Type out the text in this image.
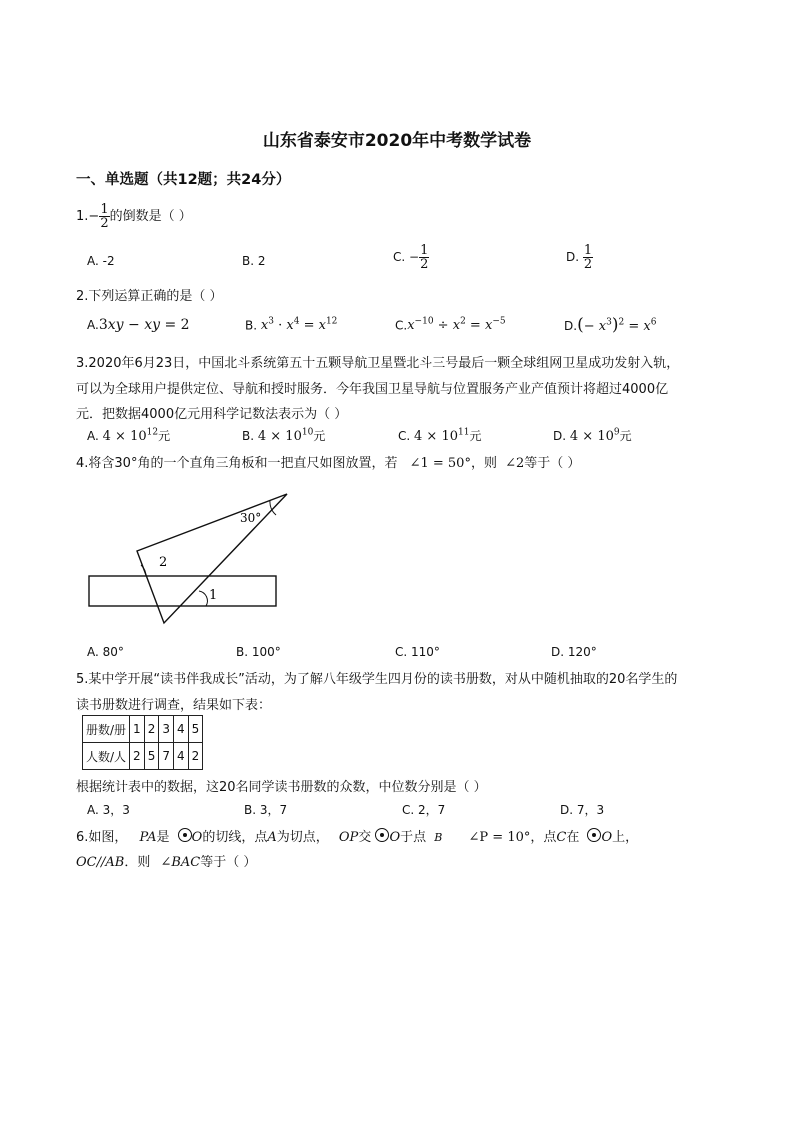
山东省泰安市2020年中考数学试卷
一、单选题（共12题；共24分）
$1.- \frac{1}{2}$ 的倒数是（ ）
A. -2	B. 2	C. − $\frac{1}{2}$	D. $\frac{1}{2}$
2.下列运算正确的是（ ）
A.3xy − xy = 2	B. $x^3 \cdot x^4 = x^{12}$	$C.x^{-10} \div x^2 = x^{-5}$	$D.(- x^3)^2 = x^6$
3.2020年6月23日，中国北斗系统第五十五颗导航卫星暨北斗三号最后一颗全球组网卫星成功发射入轨，
可以为全球用户提供定位、导航和授时服务．今年我国卫星导航与位置服务产业产值预计将超过4000亿
元．把数据4000亿元用科学记数法表示为（ ）
A. $4 \times 10^{12}$元	B. $4 \times 10^{10}$元	C. $4 \times 10^{11}$元	D. $4 \times 10^9$元
4.将含30°角的一个直角三角板和一把直尺如图放置，若 ∠1 = 50°，则 ∠2等于（ ）
30°
2
1
A. 80°	B. 100°	C. 110°	D. 120°
5.某中学开展“读书伴我成长”活动，为了解八年级学生四月份的读书册数，对从中随机抽取的20名学生的
读书册数进行调查，结果如下表：
册数/册	1	2	3	4	5
人数/人	2	5	7	4	2
根据统计表中的数据，这20名同学读书册数的众数，中位数分别是（ ）
A. 3，3	B. 3，7	C. 2，7	D. 7，3
6.如图， PA是 O的切线，点A为切点， OP交 O于点 B ∠P = 10°，点C在 O上，
OC//AB．则 ∠BAC等于（ ）
